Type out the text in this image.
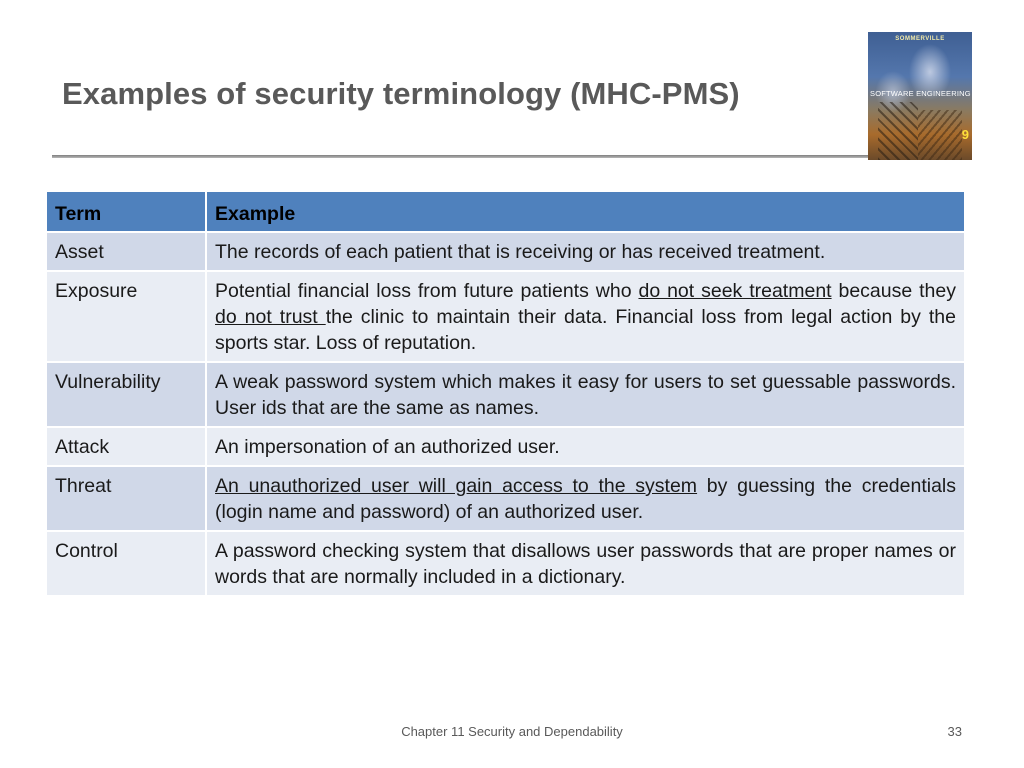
Examples of security terminology (MHC-PMS)
SOMMERVILLE
SOFTWARE ENGINEERING
9
Term	Example
Asset	The records of each patient that is receiving or has received treatment.
Exposure	Potential financial loss from future patients who do not seek treatment because they do not trust the clinic to maintain their data. Financial loss from legal action by the sports star. Loss of reputation.
Vulnerability	A weak password system which makes it easy for users to set guessable passwords. User ids that are the same as names.
Attack	An impersonation of an authorized user.
Threat	An unauthorized user will gain access to the system by guessing the credentials (login name and password) of an authorized user.
Control	A password checking system that disallows user passwords that are proper names or words that are normally included in a dictionary.
Chapter 11 Security and Dependability	33
